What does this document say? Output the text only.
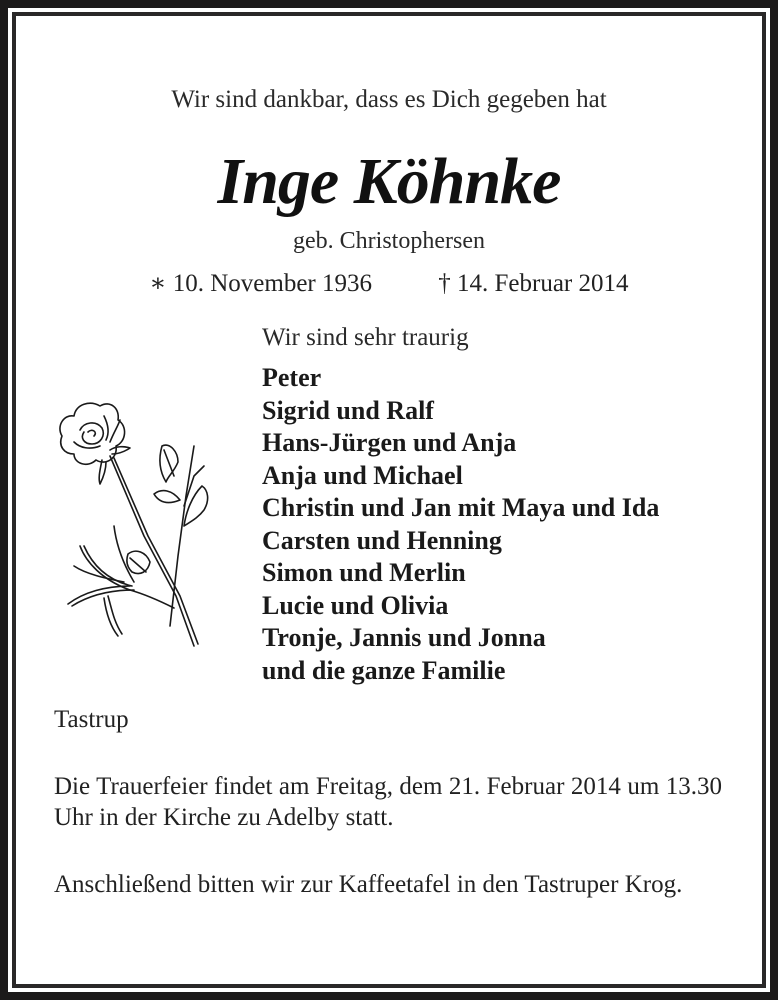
Wir sind dankbar, dass es Dich gegeben hat
Inge Köhnke
geb. Christophersen
∗ 10. November 1936	† 14. Februar 2014
Wir sind sehr traurig
Peter
Sigrid und Ralf
Hans-Jürgen und Anja
Anja und Michael
Christin und Jan mit Maya und Ida
Carsten und Henning
Simon und Merlin
Lucie und Olivia
Tronje, Jannis und Jonna
und die ganze Familie
Tastrup
Die Trauerfeier findet am Freitag, dem 21. Februar 2014 um 13.30 Uhr in der Kirche zu Adelby statt.
Anschließend bitten wir zur Kaffeetafel in den Tastruper Krog.
